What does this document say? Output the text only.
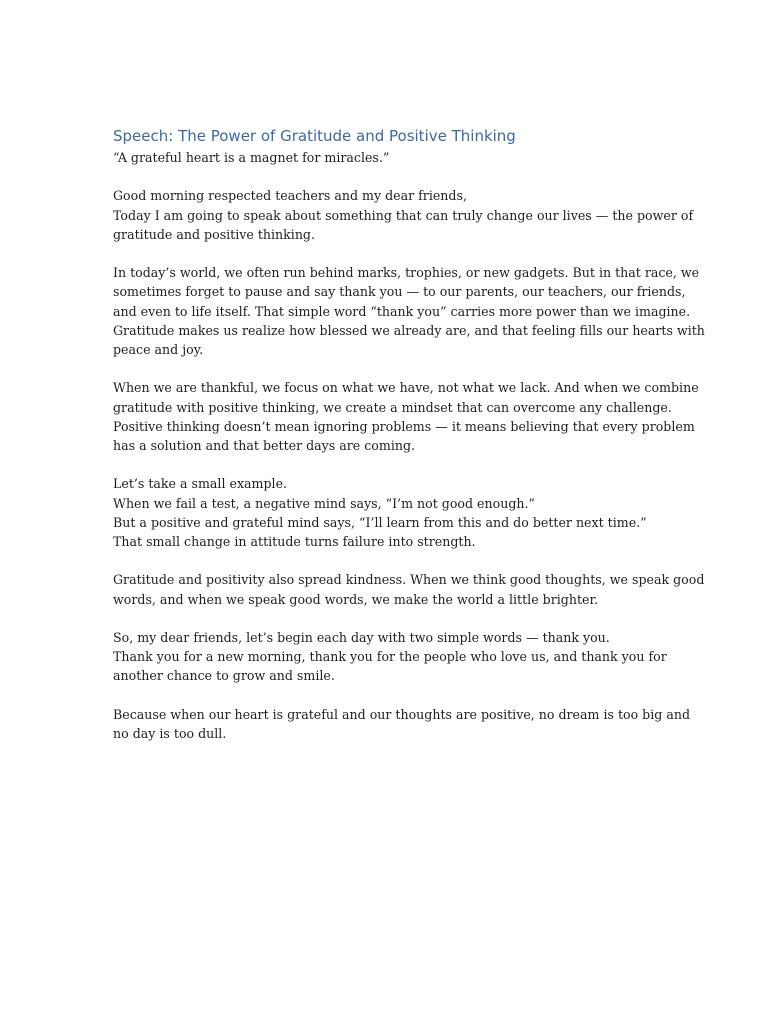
Speech: The Power of Gratitude and Positive Thinking

“A grateful heart is a magnet for miracles.”

Good morning respected teachers and my dear friends,
Today I am going to speak about something that can truly change our lives — the power of
gratitude and positive thinking.

In today’s world, we often run behind marks, trophies, or new gadgets. But in that race, we
sometimes forget to pause and say thank you — to our parents, our teachers, our friends,
and even to life itself. That simple word “thank you” carries more power than we imagine.
Gratitude makes us realize how blessed we already are, and that feeling fills our hearts with
peace and joy.

When we are thankful, we focus on what we have, not what we lack. And when we combine
gratitude with positive thinking, we create a mindset that can overcome any challenge.
Positive thinking doesn’t mean ignoring problems — it means believing that every problem
has a solution and that better days are coming.

Let’s take a small example.
When we fail a test, a negative mind says, “I’m not good enough.”
But a positive and grateful mind says, “I’ll learn from this and do better next time.”
That small change in attitude turns failure into strength.

Gratitude and positivity also spread kindness. When we think good thoughts, we speak good
words, and when we speak good words, we make the world a little brighter.

So, my dear friends, let’s begin each day with two simple words — thank you.
Thank you for a new morning, thank you for the people who love us, and thank you for
another chance to grow and smile.

Because when our heart is grateful and our thoughts are positive, no dream is too big and
no day is too dull.
